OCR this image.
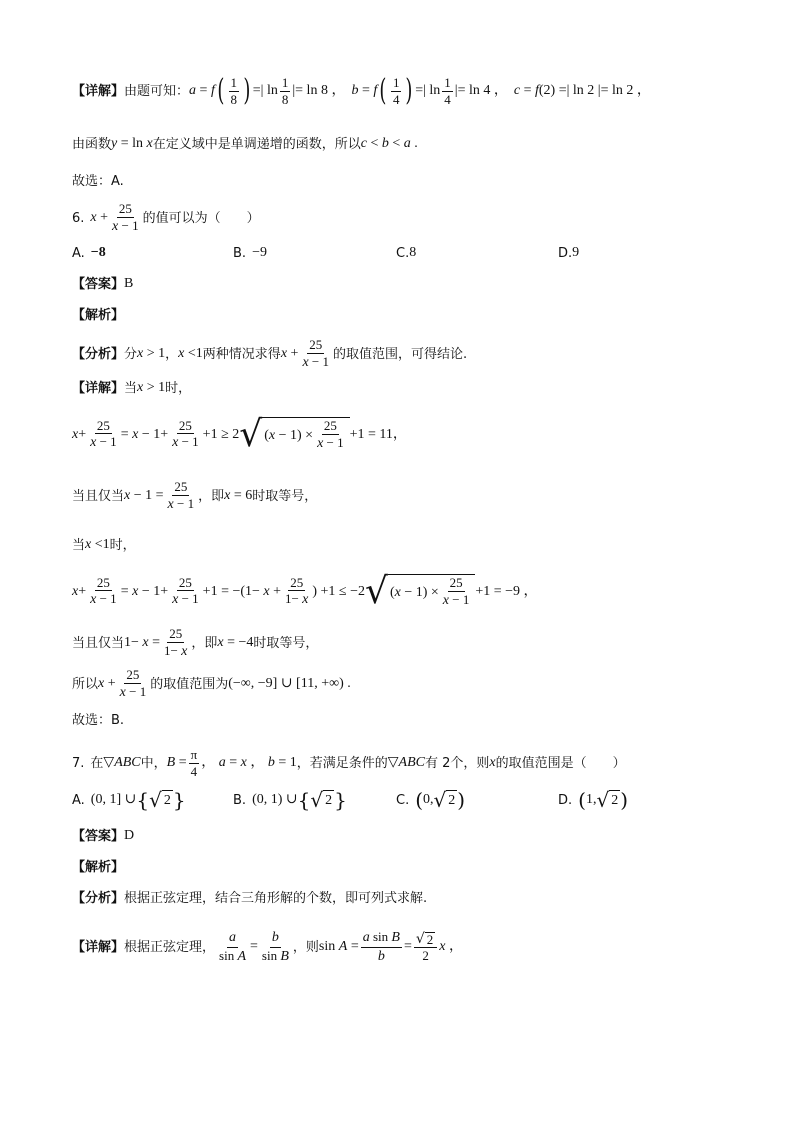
【详解】 由题可知： a = f ( $\frac{1}{8}$ ) =| $\ln \frac{1}{8}$ |= ln 8 ， b = f ( $\frac{1}{4}$ ) =| $\ln \frac{1}{4}$ |= ln 4 ， c = f(2) =| ln 2 |= ln 2 ，
由函数 y = ln x 在定义域中是单调递增的函数，所以 c < b < a .
故选：A.
6. $x + \frac{25}{x - 1}$ 的值可以为（　　）
A. −8	B. −9	C. 8	D. 9
【答案】 B
【解析】
【分析】 分 x > 1 ， x <1 两种情况求得 $x + \frac{25}{x - 1}$ 的取值范围，可得结论.
【详解】 当 x > 1 时，
$x+ \frac{25}{x - 1} = x - 1+ \frac{25}{x - 1} +1 \ge 2$ √ $(x - 1) \times \frac{25}{x - 1} +1 = 11$，
当且仅当 $x - 1 = \frac{25}{x - 1}$ ，即 x = 6 时取等号，
当 x <1 时，
$x+ \frac{25}{x - 1} = x - 1+ \frac{25}{x - 1} +1 = -(1- x + \frac{25}{1- x}$ ) +1 ≤ −2 √ $(x - 1) \times \frac{25}{x - 1} +1 = -9$ ，
当且仅当 $1- x = \frac{25}{1- x}$ ，即 x = −4 时取等号，
所以 $x + \frac{25}{x - 1}$ 的取值范围为 (−∞, −9] ∪ [11, +∞) .
故选：B.
7. 在 ▽ABC 中， $B = \frac{\pi}{4}$ ， a = x ， b = 1 ，若满足条件的 ▽ABC 有 2个，则 x 的取值范围是（　　）
A. (0, 1] ∪ { √ 2 }	B. (0, 1) ∪ { √ 2 }	C. ( 0, √ 2 )	D. ( 1, √ 2 )
【答案】 D
【解析】
【分析】 根据正弦定理，结合三角形解的个数，即可列式求解.
【详解】 根据正弦定理， $\frac{a}{\text{sin A}} = \frac{b}{\text{sin B}}$ ，则 $\sin A = \frac{\text{a sin B}}{b} = \frac{√ 2}{2}$ x ，
